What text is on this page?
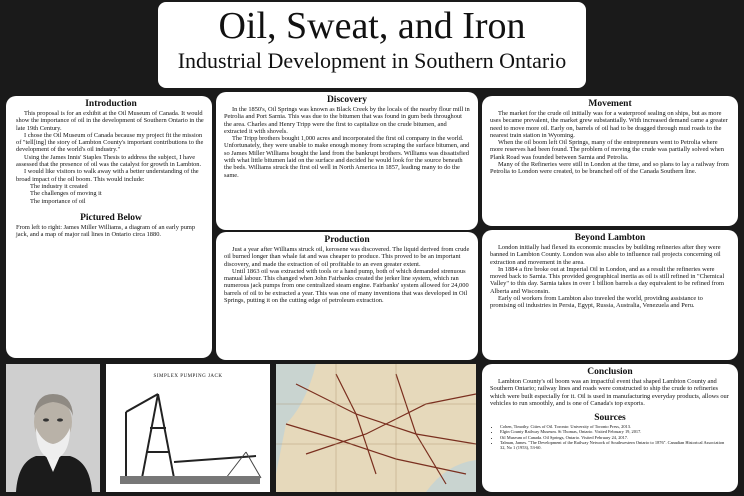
Oil, Sweat, and Iron
Industrial Development in Southern Ontario
Introduction

This proposal is for an exhibit at the Oil Museum of Canada. It would show the importance of oil in the development of Southern Ontario in the late 19th Century.

I chose the Oil Museum of Canada because my project fit the mission of "tell[ing] the story of Lambton County's important contributions to the development of the world's oil industry."

Using the James Innis' Staples Thesis to address the subject, I have assessed that the presence of oil was the catalyst for growth in Lambton.

I would like visitors to walk away with a better understanding of the broad impact of the oil boom. This would include:

The industry it created
The challenges of moving it
The importance of oil
Pictured Below

From left to right: James Miller Williams, a diagram of an early pump jack, and a map of major rail lines in Ontario circa 1880.

Discovery

In the 1850's, Oil Springs was known as Black Creek by the locals of the nearby flour mill in Petrolia and Port Sarnia. This was due to the bitumen that was found in gum beds throughout the area. Charles and Henry Tripp were the first to capitalize on the crude bitumen, and extracted it with shovels.

The Tripp brothers bought 1,000 acres and incorporated the first oil company in the world. Unfortunately, they were unable to make enough money from scraping the surface bitumen, and so James Miller Williams bought the land from the bankrupt brothers. Williams was dissatisfied with what little bitumen laid on the surface and decided he would look for the source beneath the beds. Williams struck the first oil well in North America in 1857, leading many to do the same.

Production

Just a year after Williams struck oil, kerosene was discovered. The liquid derived from crude oil burned longer than whale fat and was cheaper to produce. This proved to be an important discovery, and made the extraction of oil profitable to an even greater extent.

Until 1863 oil was extracted with tools or a hand pump, both of which demanded strenuous manual labour. This changed when John Fairbanks created the jerker line system, which ran numerous jack pumps from one centralized steam engine. Fairbanks' system allowed for 24,000 barrels of oil to be extracted a year. This was one of many inventions that was developed in Oil Springs, putting it on the cutting edge of petroleum extraction.

Movement

The market for the crude oil initially was for a waterproof sealing on ships, but as more uses became prevalent, the market grew substantially. With increased demand came a greater need to move more oil. Early on, barrels of oil had to be dragged through mud roads to the nearest train station in Wyoming.

When the oil boom left Oil Springs, many of the entrepreneurs went to Petrolia where more reserves had been found. The problem of moving the crude was partially solved when Plank Road was founded between Sarnia and Petrolia.

Many of the Refineries were still in London at the time, and so plans to lay a railway from Petrolia to London were created, to be branched off of the Canada Southern line.

Beyond Lambton

London initially had flexed its economic muscles by building refineries after they were banned in Lambton County. London was also able to influence rail projects concerning oil extraction and movement in the area.

In 1884 a fire broke out at Imperial Oil in London, and as a result the refineries were moved back to Sarnia. This provided geographical inertia as oil is still refined in "Chemical Valley" to this day. Sarnia takes in over 1 billion barrels a day equivalent to be refined from Alberta and Wisconsin.

Early oil workers from Lambton also traveled the world, providing assistance to promising oil industries in Persia, Egypt, Russia, Australia, Venezuela and Peru.

SIMPLEX PUMPING JACK	Conclusion

Lambton County's oil boom was an impactful event that shaped Lambton County and Southern Ontario; railway lines and roads were constructed to ship the crude to refineries which were built especially for it. Oil is used in manufacturing everyday products, allows our vehicles to run smoothly, and is one of Canada's top exports.

Sources
• Cohen, Timothy. Cities of Oil. Toronto: University of Toronto Press, 2013.
• Elgin County Railway Museum. St Thomas, Ontario. Visited February 19, 2017.
• Oil Museum of Canada. Oil Springs, Ontario. Visited February 24, 2017.
• Talman, James. "The Development of the Railway Network of Southwestern Ontario to 1876". Canadian Historical Association 32, No 1 (1953), 53-60.
